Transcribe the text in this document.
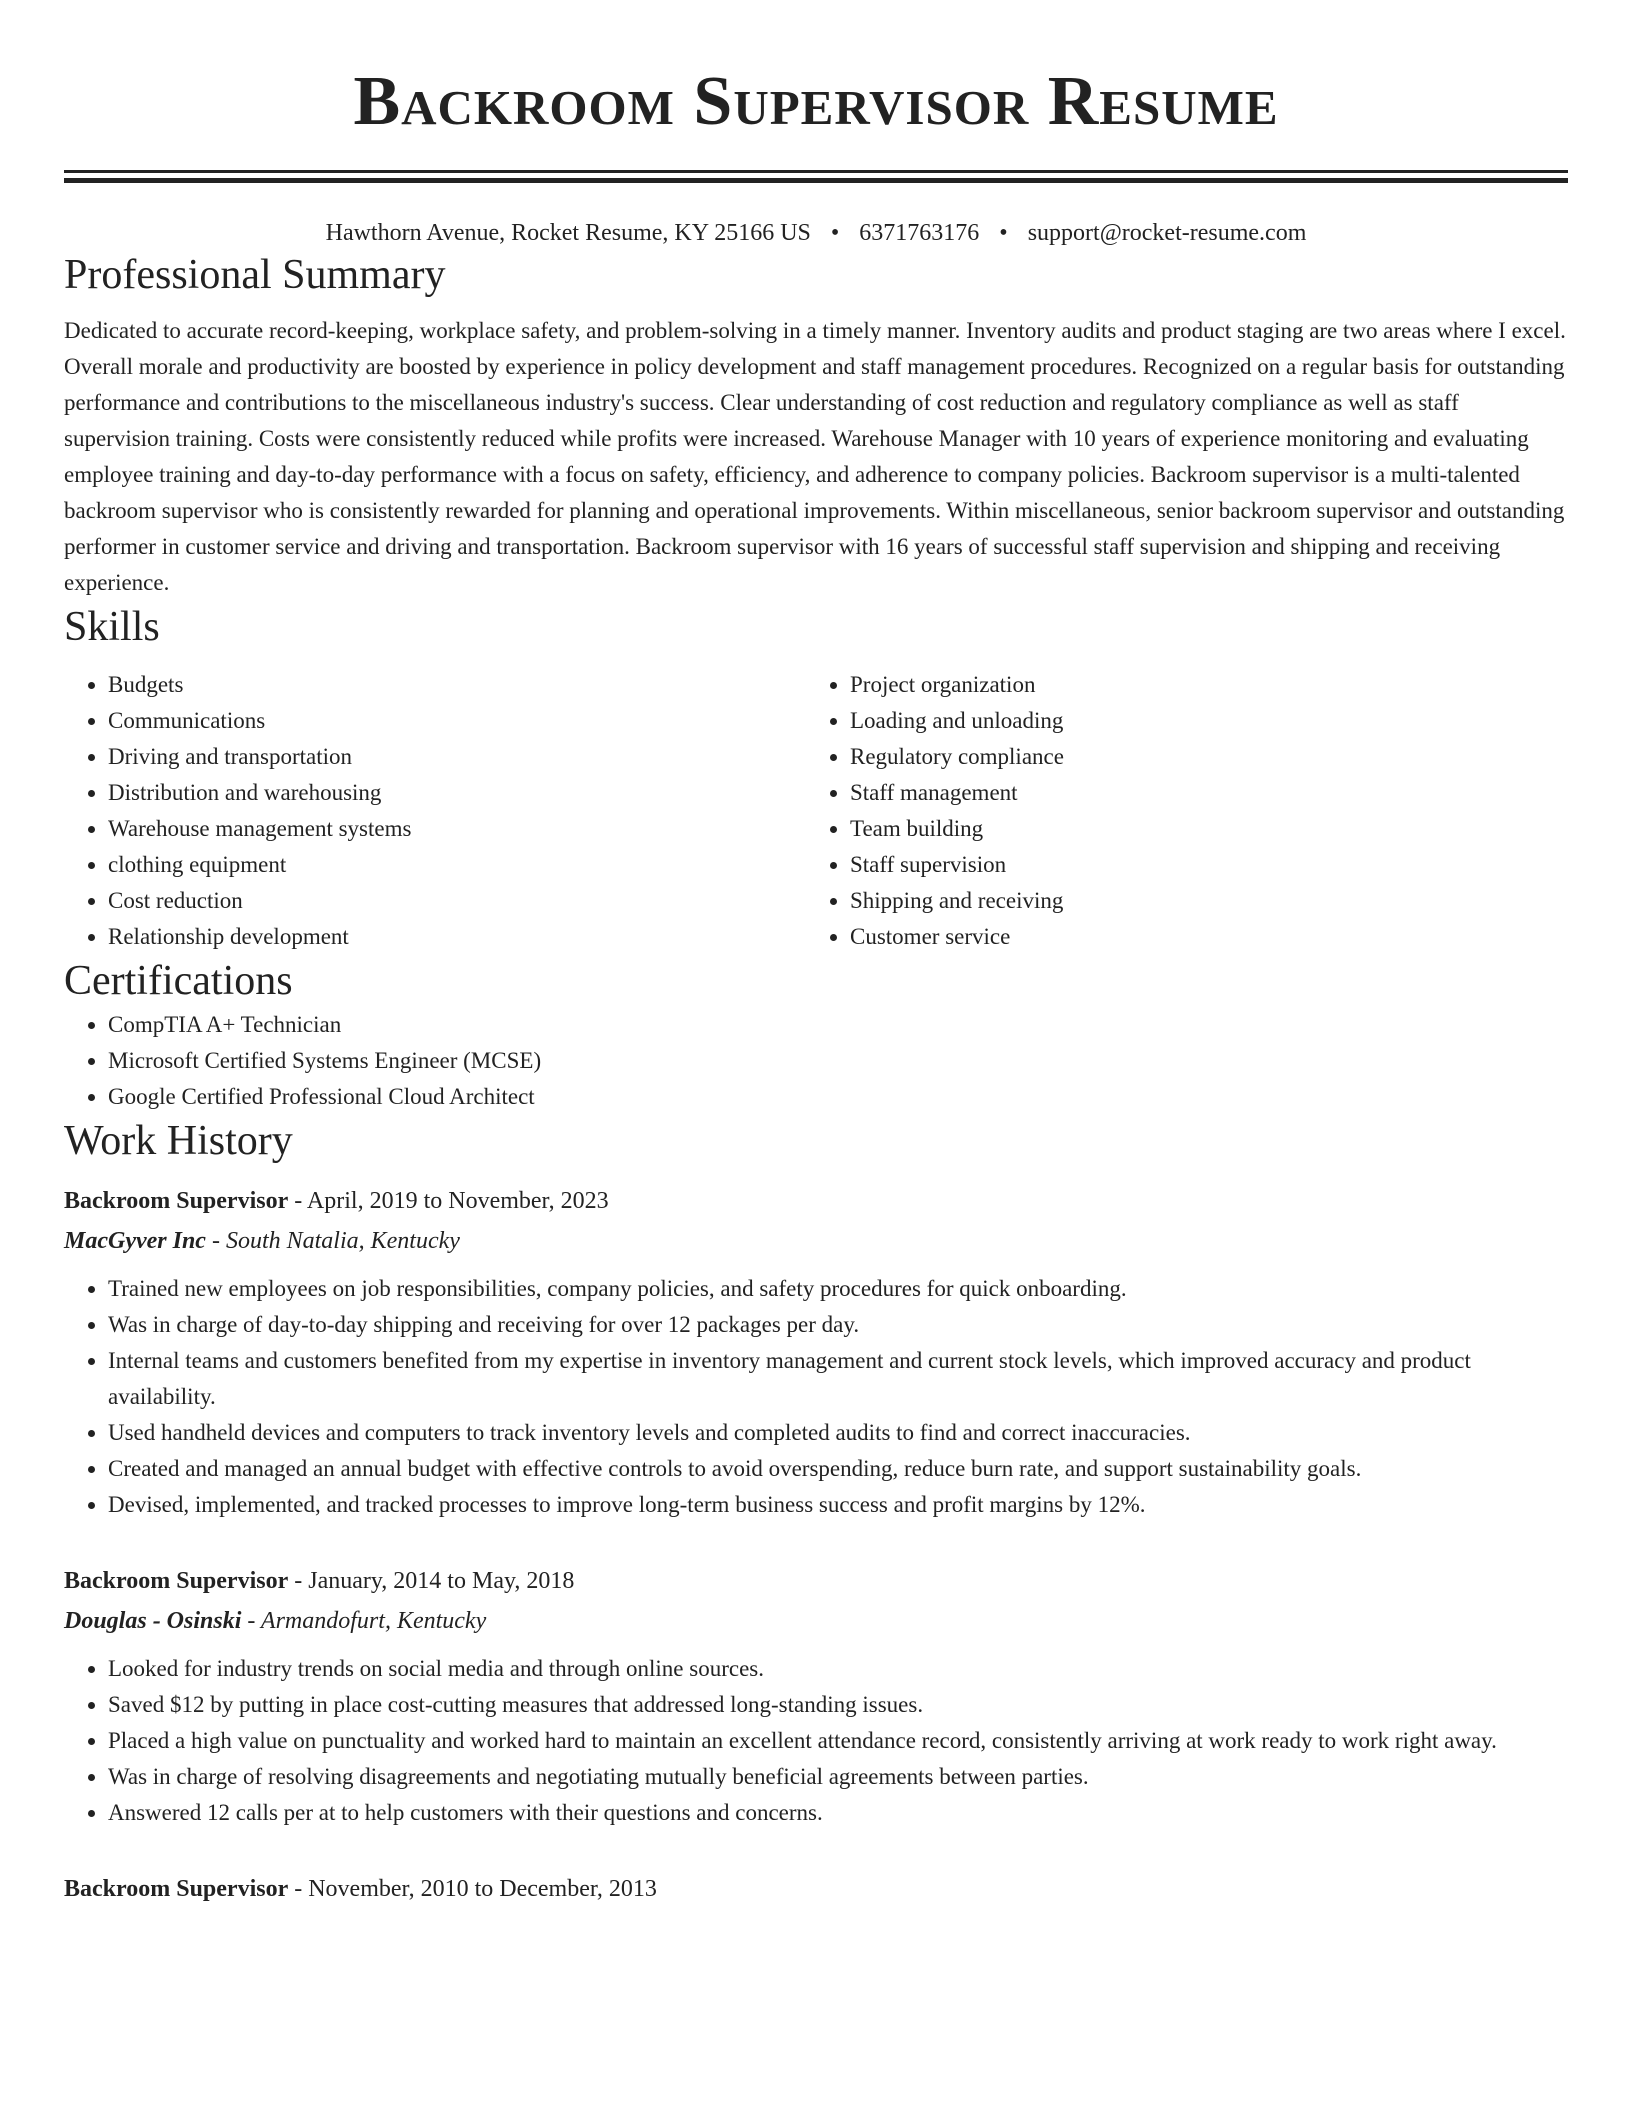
Backroom Supervisor Resume
Hawthorn Avenue, Rocket Resume, KY 25166 US • 6371763176 • support@rocket-resume.com
Professional Summary

Dedicated to accurate record-keeping, workplace safety, and problem-solving in a timely manner. Inventory audits and product staging are two areas where I excel. Overall morale and productivity are boosted by experience in policy development and staff management procedures. Recognized on a regular basis for outstanding performance and contributions to the miscellaneous industry's success. Clear understanding of cost reduction and regulatory compliance as well as staff supervision training. Costs were consistently reduced while profits were increased. Warehouse Manager with 10 years of experience monitoring and evaluating employee training and day-to-day performance with a focus on safety, efficiency, and adherence to company policies. Backroom supervisor is a multi-talented backroom supervisor who is consistently rewarded for planning and operational improvements. Within miscellaneous, senior backroom supervisor and outstanding performer in customer service and driving and transportation. Backroom supervisor with 16 years of successful staff supervision and shipping and receiving experience.

Skills
• Budgets
• Communications
• Driving and transportation
• Distribution and warehousing
• Warehouse management systems
• clothing equipment
• Cost reduction
• Relationship development
• Project organization
• Loading and unloading
• Regulatory compliance
• Staff management
• Team building
• Staff supervision
• Shipping and receiving
• Customer service
Certifications
• CompTIA A+ Technician
• Microsoft Certified Systems Engineer (MCSE)
• Google Certified Professional Cloud Architect
Work History
Backroom Supervisor - April, 2019 to November, 2023
MacGyver Inc - South Natalia, Kentucky
• Trained new employees on job responsibilities, company policies, and safety procedures for quick onboarding.
• Was in charge of day-to-day shipping and receiving for over 12 packages per day.
• Internal teams and customers benefited from my expertise in inventory management and current stock levels, which improved accuracy and product availability.
• Used handheld devices and computers to track inventory levels and completed audits to find and correct inaccuracies.
• Created and managed an annual budget with effective controls to avoid overspending, reduce burn rate, and support sustainability goals.
• Devised, implemented, and tracked processes to improve long-term business success and profit margins by 12%.
Backroom Supervisor - January, 2014 to May, 2018
Douglas - Osinski - Armandofurt, Kentucky
• Looked for industry trends on social media and through online sources.
• Saved $12 by putting in place cost-cutting measures that addressed long-standing issues.
• Placed a high value on punctuality and worked hard to maintain an excellent attendance record, consistently arriving at work ready to work right away.
• Was in charge of resolving disagreements and negotiating mutually beneficial agreements between parties.
• Answered 12 calls per at to help customers with their questions and concerns.
Backroom Supervisor - November, 2010 to December, 2013
